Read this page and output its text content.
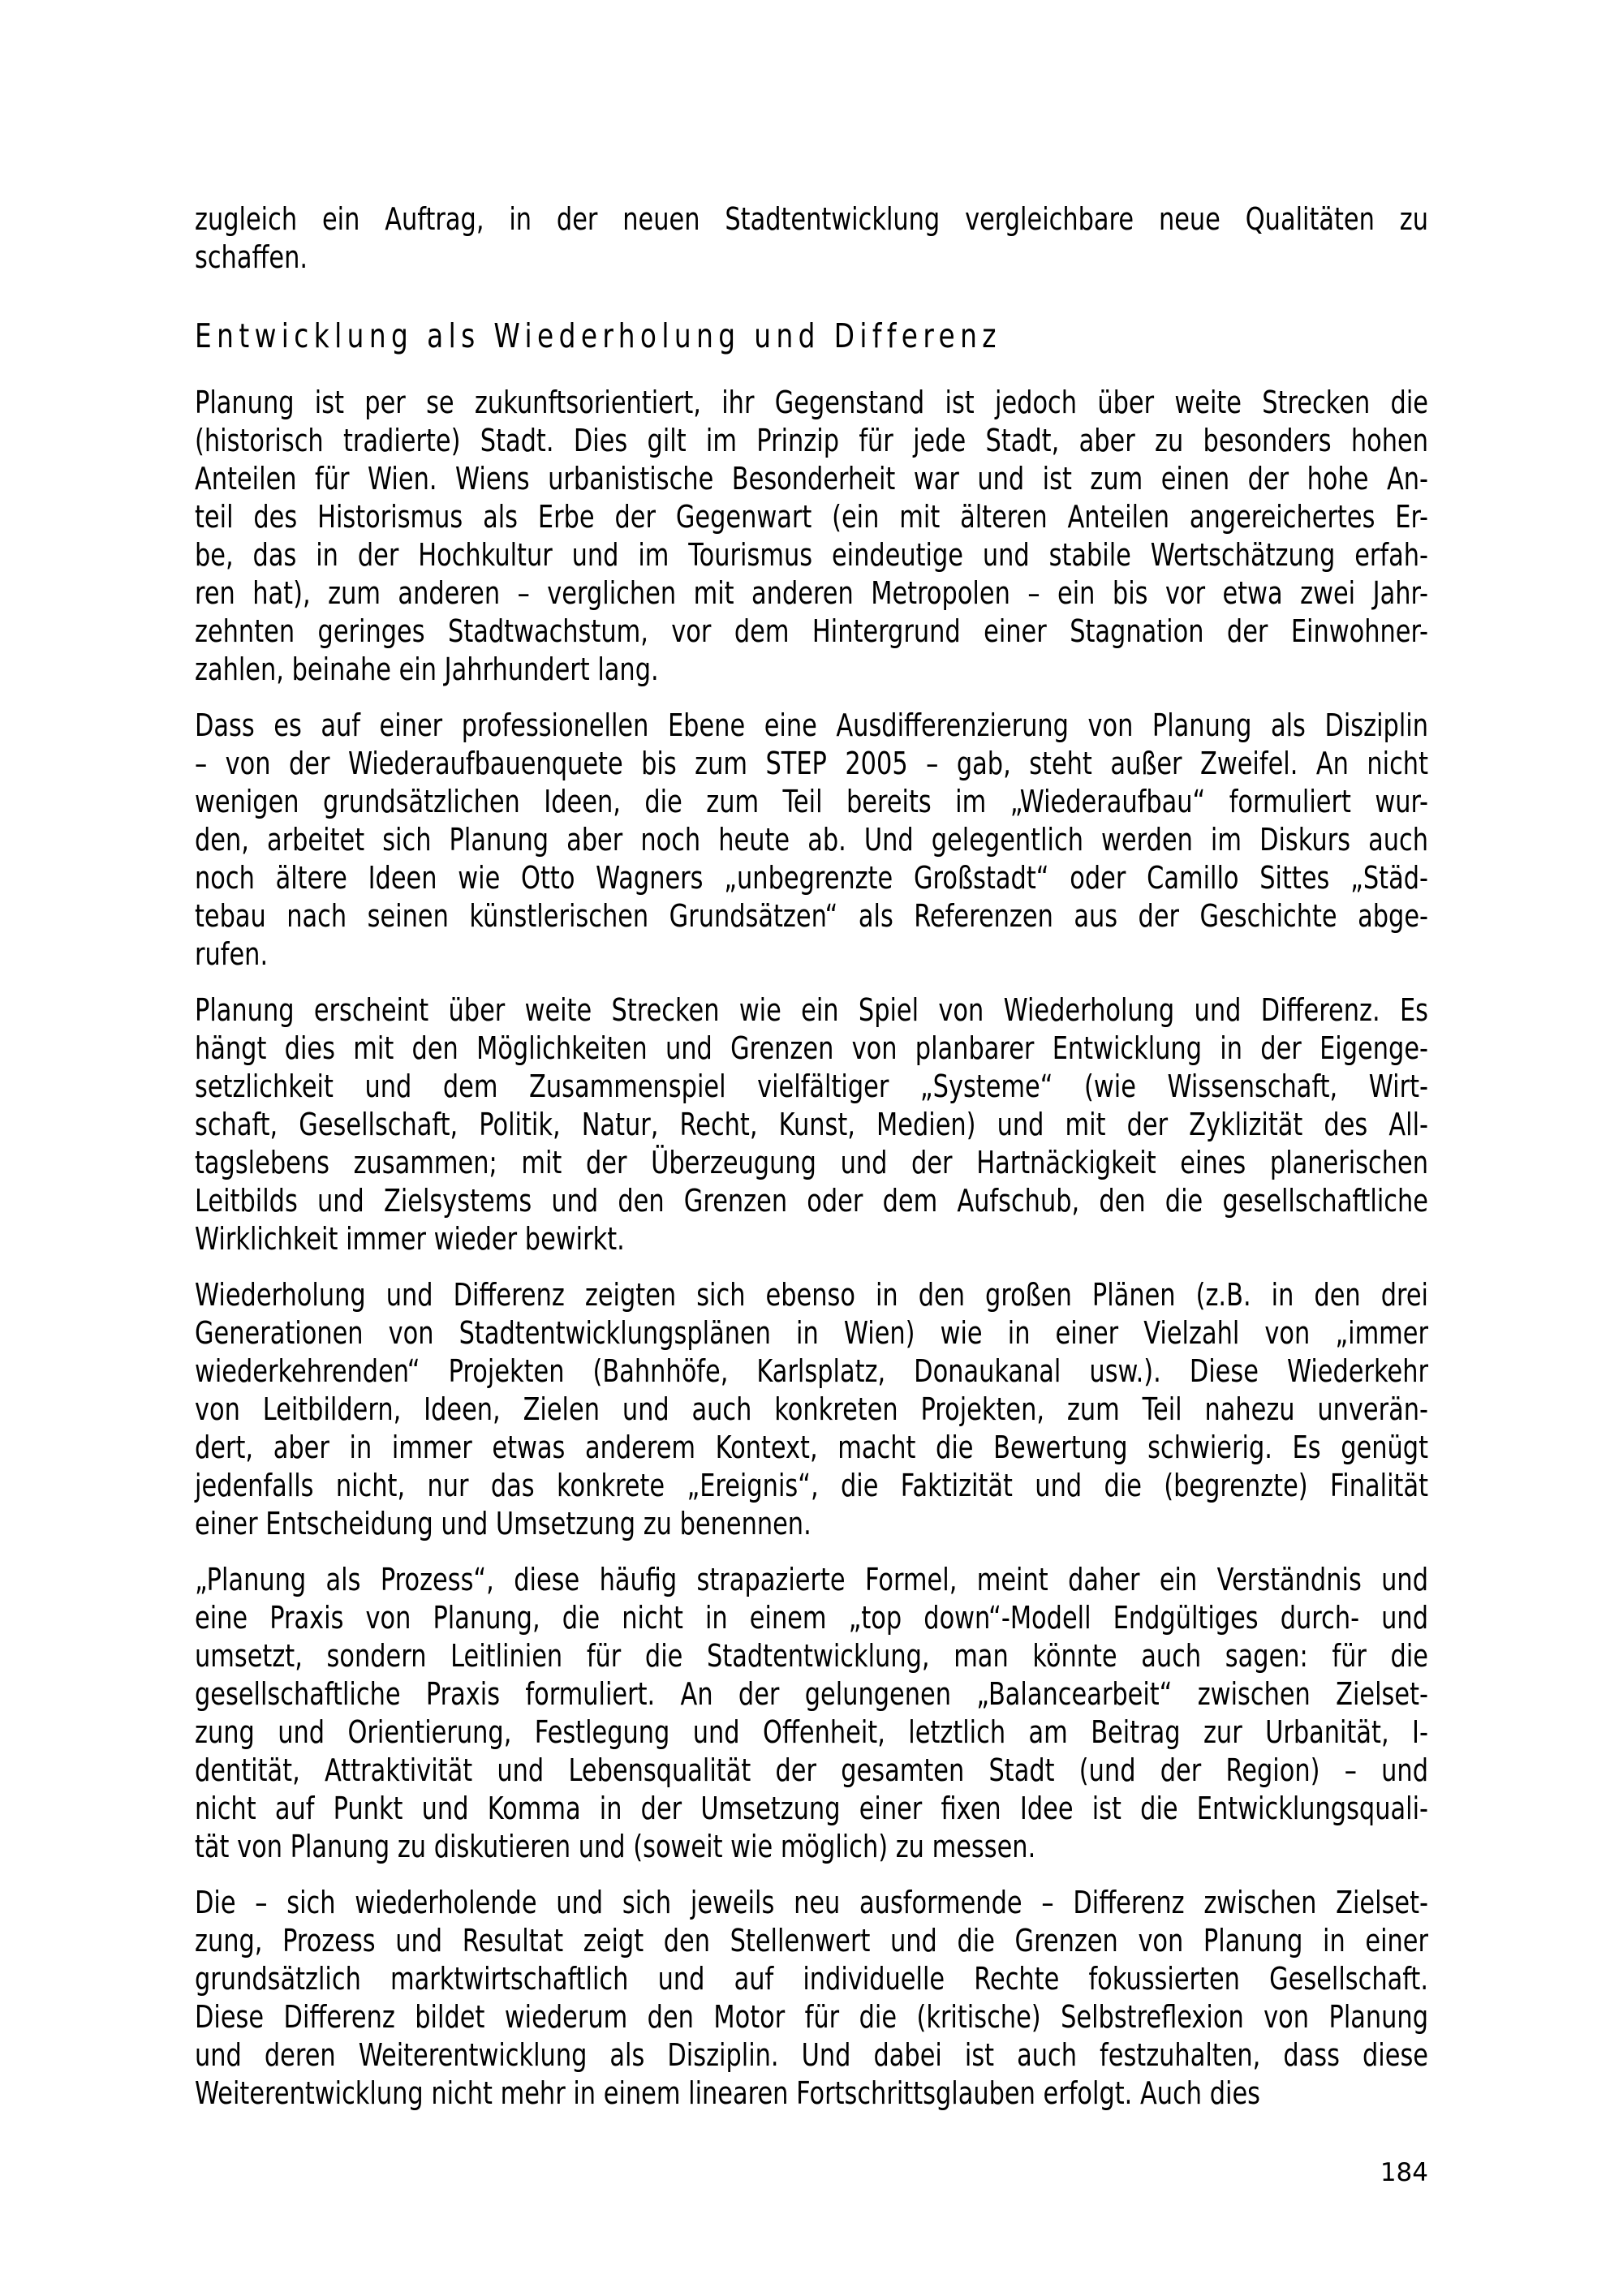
zugleich ein Auftrag, in der neuen Stadtentwicklung vergleichbare neue Qualitäten zu
schaffen.
Entwicklung als Wiederholung und Differenz
Planung ist per se zukunftsorientiert, ihr Gegenstand ist jedoch über weite Strecken die
(historisch tradierte) Stadt. Dies gilt im Prinzip für jede Stadt, aber zu besonders hohen
Anteilen für Wien. Wiens urbanistische Besonderheit war und ist zum einen der hohe An-
teil des Historismus als Erbe der Gegenwart (ein mit älteren Anteilen angereichertes Er-
be, das in der Hochkultur und im Tourismus eindeutige und stabile Wertschätzung erfah-
ren hat), zum anderen – verglichen mit anderen Metropolen – ein bis vor etwa zwei Jahr-
zehnten geringes Stadtwachstum, vor dem Hintergrund einer Stagnation der Einwohner-
zahlen, beinahe ein Jahrhundert lang.
Dass es auf einer professionellen Ebene eine Ausdifferenzierung von Planung als Disziplin
– von der Wiederaufbauenquete bis zum STEP 2005 – gab, steht außer Zweifel. An nicht
wenigen grundsätzlichen Ideen, die zum Teil bereits im „Wiederaufbau“ formuliert wur-
den, arbeitet sich Planung aber noch heute ab. Und gelegentlich werden im Diskurs auch
noch ältere Ideen wie Otto Wagners „unbegrenzte Großstadt“ oder Camillo Sittes „Städ-
tebau nach seinen künstlerischen Grundsätzen“ als Referenzen aus der Geschichte abge-
rufen.
Planung erscheint über weite Strecken wie ein Spiel von Wiederholung und Differenz. Es
hängt dies mit den Möglichkeiten und Grenzen von planbarer Entwicklung in der Eigenge-
setzlichkeit und dem Zusammenspiel vielfältiger „Systeme“ (wie Wissenschaft, Wirt-
schaft, Gesellschaft, Politik, Natur, Recht, Kunst, Medien) und mit der Zyklizität des All-
tagslebens zusammen; mit der Überzeugung und der Hartnäckigkeit eines planerischen
Leitbilds und Zielsystems und den Grenzen oder dem Aufschub, den die gesellschaftliche
Wirklichkeit immer wieder bewirkt.
Wiederholung und Differenz zeigten sich ebenso in den großen Plänen (z.B. in den drei
Generationen von Stadtentwicklungsplänen in Wien) wie in einer Vielzahl von „immer
wiederkehrenden“ Projekten (Bahnhöfe, Karlsplatz, Donaukanal usw.). Diese Wiederkehr
von Leitbildern, Ideen, Zielen und auch konkreten Projekten, zum Teil nahezu unverän-
dert, aber in immer etwas anderem Kontext, macht die Bewertung schwierig. Es genügt
jedenfalls nicht, nur das konkrete „Ereignis“, die Faktizität und die (begrenzte) Finalität
einer Entscheidung und Umsetzung zu benennen.
„Planung als Prozess“, diese häufig strapazierte Formel, meint daher ein Verständnis und
eine Praxis von Planung, die nicht in einem „top down“-Modell Endgültiges durch- und
umsetzt, sondern Leitlinien für die Stadtentwicklung, man könnte auch sagen: für die
gesellschaftliche Praxis formuliert. An der gelungenen „Balancearbeit“ zwischen Zielset-
zung und Orientierung, Festlegung und Offenheit, letztlich am Beitrag zur Urbanität, I-
dentität, Attraktivität und Lebensqualität der gesamten Stadt (und der Region) – und
nicht auf Punkt und Komma in der Umsetzung einer fixen Idee ist die Entwicklungsquali-
tät von Planung zu diskutieren und (soweit wie möglich) zu messen.
Die – sich wiederholende und sich jeweils neu ausformende – Differenz zwischen Zielset-
zung, Prozess und Resultat zeigt den Stellenwert und die Grenzen von Planung in einer
grundsätzlich marktwirtschaftlich und auf individuelle Rechte fokussierten Gesellschaft.
Diese Differenz bildet wiederum den Motor für die (kritische) Selbstreflexion von Planung
und deren Weiterentwicklung als Disziplin. Und dabei ist auch festzuhalten, dass diese
Weiterentwicklung nicht mehr in einem linearen Fortschrittsglauben erfolgt. Auch dies
184
